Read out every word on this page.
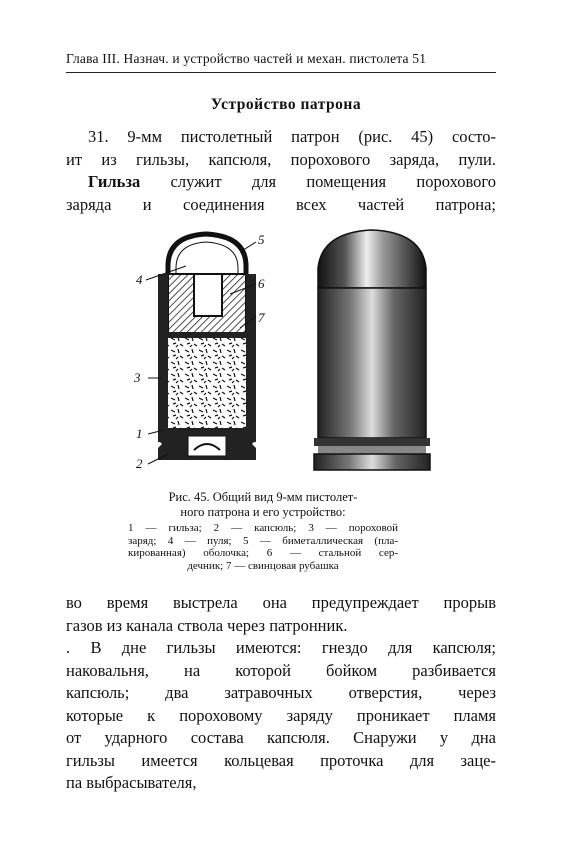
Глава III. Назнач. и устройство частей и механ. пистолета 51
Устройство патрона
31. 9-мм пистолетный патрон (рис. 45) состо-
ит из гильзы, капсюля, порохового заряда, пули.
Гильза служит для помещения порохового
заряда и соединения всех частей патрона;
4
5
6
7
3
1
2
Рис. 45. Общий вид 9-мм пистолет-
ного патрона и его устройство:
1 — гильза; 2 — капсюль; 3 — пороховой
заряд; 4 — пуля; 5 — биметаллическая (пла-
кированная) оболочка; 6 — стальной сер-
дечник; 7 — свинцовая рубашка
во время выстрела она предупреждает прорыв
газов из канала ствола через патронник.
. В дне гильзы имеются: гнездо для капсюля;
наковальня, на которой бойком разбивается
капсюль; два затравочных отверстия, через
которые к пороховому заряду проникает пламя
от ударного состава капсюля. Снаружи у дна
гильзы имеется кольцевая проточка для заце-
па выбрасывателя,
